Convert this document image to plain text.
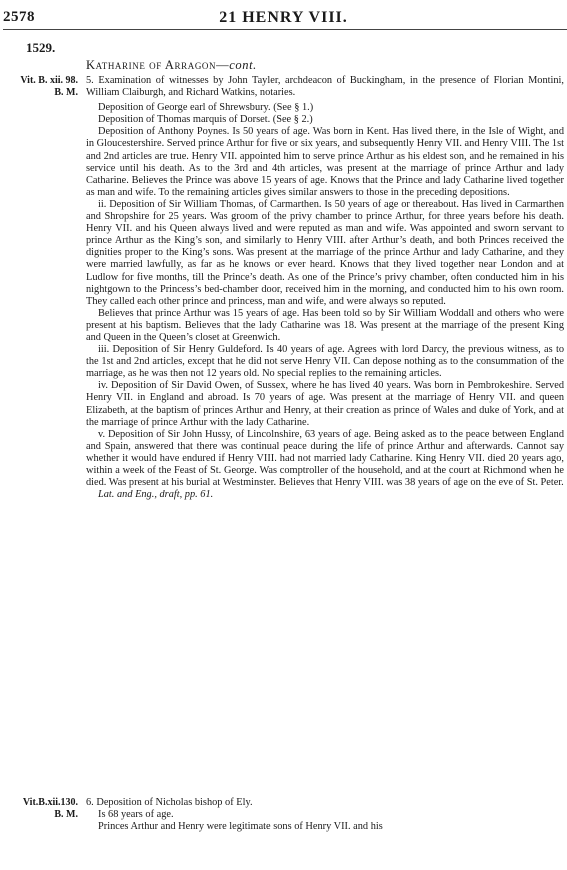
2578	21 HENRY VIII.
1529.
Katharine of Arragon—cont.
Vit. B. xii. 98.
B. M.
Vit.B.xii.130.
B. M.

5. Examination of witnesses by John Tayler, archdeacon of Buckingham, in the presence of Florian Montini, William Claiburgh, and Richard Watkins, notaries.

Deposition of George earl of Shrewsbury. (See § 1.)

Deposition of Thomas marquis of Dorset. (See § 2.)

Deposition of Anthony Poynes. Is 50 years of age. Was born in Kent. Has lived there, in the Isle of Wight, and in Gloucestershire. Served prince Arthur for five or six years, and subsequently Henry VII. and Henry VIII. The 1st and 2nd articles are true. Henry VII. appointed him to serve prince Arthur as his eldest son, and he remained in his service until his death. As to the 3rd and 4th articles, was present at the marriage of prince Arthur and lady Catharine. Believes the Prince was above 15 years of age. Knows that the Prince and lady Catharine lived together as man and wife. To the remaining articles gives similar answers to those in the preceding depositions.

ii. Deposition of Sir William Thomas, of Carmarthen. Is 50 years of age or thereabout. Has lived in Carmarthen and Shropshire for 25 years. Was groom of the privy chamber to prince Arthur, for three years before his death. Henry VII. and his Queen always lived and were reputed as man and wife. Was appointed and sworn servant to prince Arthur as the King’s son, and similarly to Henry VIII. after Arthur’s death, and both Princes received the dignities proper to the King’s sons. Was present at the marriage of the prince Arthur and lady Catharine, and they were married lawfully, as far as he knows or ever heard. Knows that they lived together near London and at Ludlow for five months, till the Prince’s death. As one of the Prince’s privy chamber, often conducted him in his nightgown to the Princess’s bed-chamber door, received him in the morning, and conducted him to his own room. They called each other prince and princess, man and wife, and were always so reputed.

Believes that prince Arthur was 15 years of age. Has been told so by Sir William Woddall and others who were present at his baptism. Believes that the lady Catharine was 18. Was present at the marriage of the present King and Queen in the Queen’s closet at Greenwich.

iii. Deposition of Sir Henry Guldeford. Is 40 years of age. Agrees with lord Darcy, the previous witness, as to the 1st and 2nd articles, except that he did not serve Henry VII. Can depose nothing as to the consummation of the marriage, as he was then not 12 years old. No special replies to the remaining articles.

iv. Deposition of Sir David Owen, of Sussex, where he has lived 40 years. Was born in Pembrokeshire. Served Henry VII. in England and abroad. Is 70 years of age. Was present at the marriage of Henry VII. and queen Elizabeth, at the baptism of princes Arthur and Henry, at their creation as prince of Wales and duke of York, and at the marriage of prince Arthur with the lady Catharine.

v. Deposition of Sir John Hussy, of Lincolnshire, 63 years of age. Being asked as to the peace between England and Spain, answered that there was continual peace during the life of prince Arthur and afterwards. Cannot say whether it would have endured if Henry VIII. had not married lady Catharine. King Henry VII. died 20 years ago, within a week of the Feast of St. George. Was comptroller of the household, and at the court at Richmond when he died. Was present at his burial at Westminster. Believes that Henry VIII. was 38 years of age on the eve of St. Peter.

Lat. and Eng., draft, pp. 61.

6. Deposition of Nicholas bishop of Ely.

Is 68 years of age.

Princes Arthur and Henry were legitimate sons of Henry VII. and his
